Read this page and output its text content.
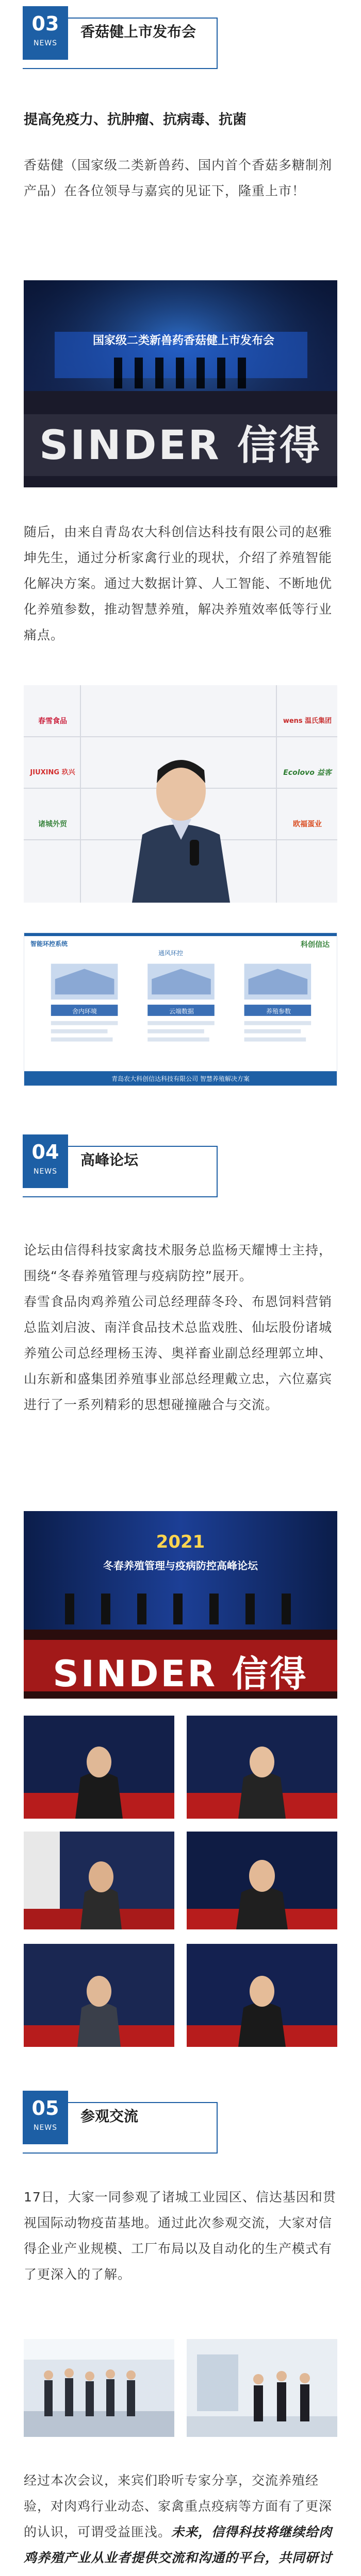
03
NEWS
香菇健上市发布会
提高免疫力、抗肿瘤、抗病毒、抗菌

香菇健（国家级二类新兽药、国内首个香菇多糖制剂产品）在各位领导与嘉宾的见证下，隆重上市！

国家级二类新兽药香菇健上市发布会
SINDER 信得

随后，由来自青岛农大科创信达科技有限公司的赵雅坤先生，通过分析家禽行业的现状，介绍了养殖智能化解决方案。通过大数据计算、人工智能、不断地优化养殖参数，推动智慧养殖，解决养殖效率低等行业痛点。

春雪食品
JIUXING 玖兴
诸城外贸
wens 温氏集团
Ecolovo 益客
欧福蛋业
智能环控系统
通风环控
科创信达
舍内环境	云端数据	养殖参数
青岛农大科创信达科技有限公司 智慧养殖解决方案
04
NEWS
高峰论坛

论坛由信得科技家禽技术服务总监杨天耀博士主持，围绕“冬春养殖管理与疫病防控”展开。

春雪食品肉鸡养殖公司总经理薛冬玲、布恩饲料营销总监刘启波、南洋食品技术总监戏胜、仙坛股份诸城养殖公司总经理杨玉涛、奥祥畜业副总经理郭立坤、山东新和盛集团养殖事业部总经理戴立忠，六位嘉宾进行了一系列精彩的思想碰撞融合与交流。

2021
冬春养殖管理与疫病防控高峰论坛
SINDER 信得
05
NEWS
参观交流

17日，大家一同参观了诸城工业园区、信达基因和贯视国际动物疫苗基地。通过此次参观交流，大家对信得企业产业规模、工厂布局以及自动化的生产模式有了更深入的了解。

经过本次会议，来宾们聆听专家分享，交流养殖经验，对肉鸡行业动态、家禽重点疫病等方面有了更深的认识，可谓受益匪浅。未来，信得科技将继续给肉鸡养殖产业从业者提供交流和沟通的平台，共同研讨
